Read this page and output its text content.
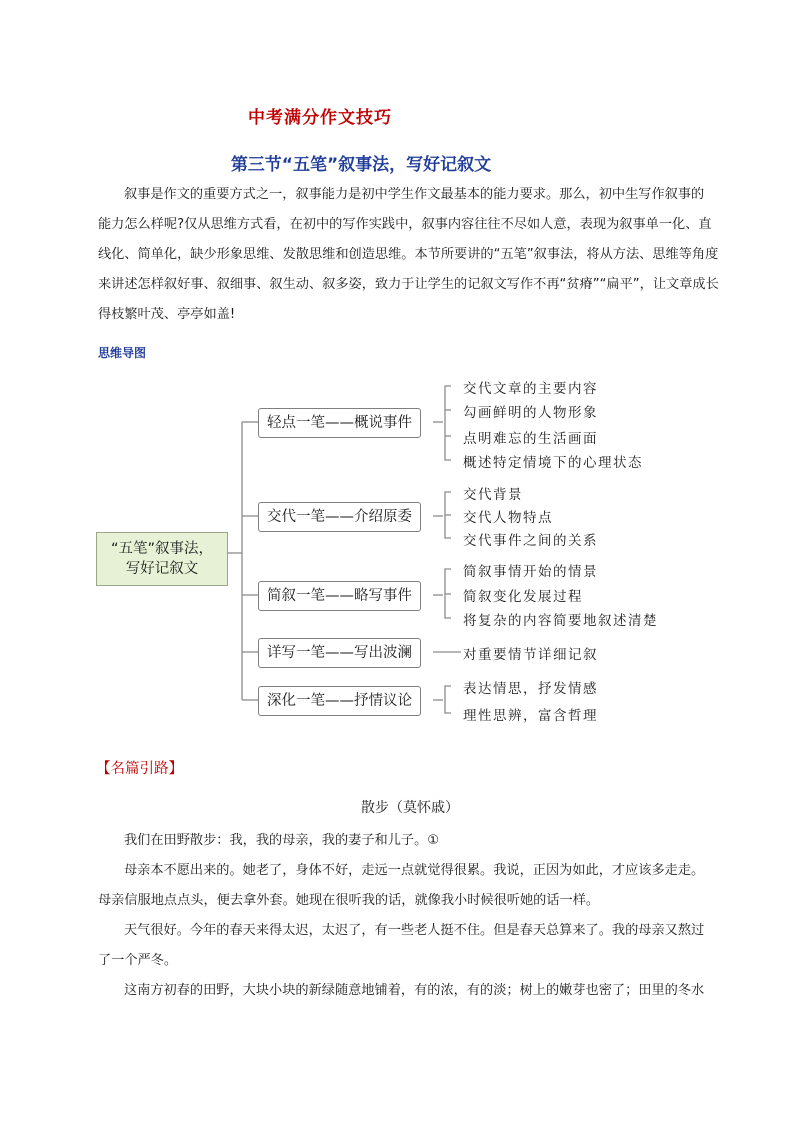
中考满分作文技巧
第三节“五笔”叙事法，写好记叙文
叙事是作文的重要方式之一，叙事能力是初中学生作文最基本的能力要求。那么，初中生写作叙事的
能力怎么样呢?仅从思维方式看，在初中的写作实践中，叙事内容往往不尽如人意，表现为叙事单一化、直
线化、简单化，缺少形象思维、发散思维和创造思维。本节所要讲的“五笔”叙事法，将从方法、思维等角度
来讲述怎样叙好事、叙细事、叙生动、叙多姿，致力于让学生的记叙文写作不再“贫瘠”“扁平”，让文章成长
得枝繁叶茂、亭亭如盖!
思维导图
“五笔”叙事法，
写好记叙文
轻点一笔——概说事件
交代一笔——介绍原委
简叙一笔——略写事件
详写一笔——写出波澜
深化一笔——抒情议论
交代文章的主要内容
勾画鲜明的人物形象
点明难忘的生活画面
概述特定情境下的心理状态
交代背景
交代人物特点
交代事件之间的关系
简叙事情开始的情景
简叙变化发展过程
将复杂的内容简要地叙述清楚
对重要情节详细记叙
表达情思，抒发情感
理性思辨，富含哲理
【名篇引路】
散步（莫怀戚）
我们在田野散步：我，我的母亲，我的妻子和儿子。①
母亲本不愿出来的。她老了，身体不好，走远一点就觉得很累。我说，正因为如此，才应该多走走。
母亲信服地点点头，便去拿外套。她现在很听我的话，就像我小时候很听她的话一样。
天气很好。今年的春天来得太迟，太迟了，有一些老人挺不住。但是春天总算来了。我的母亲又熬过
了一个严冬。
这南方初春的田野，大块小块的新绿随意地铺着，有的浓，有的淡；树上的嫩芽也密了；田里的冬水
